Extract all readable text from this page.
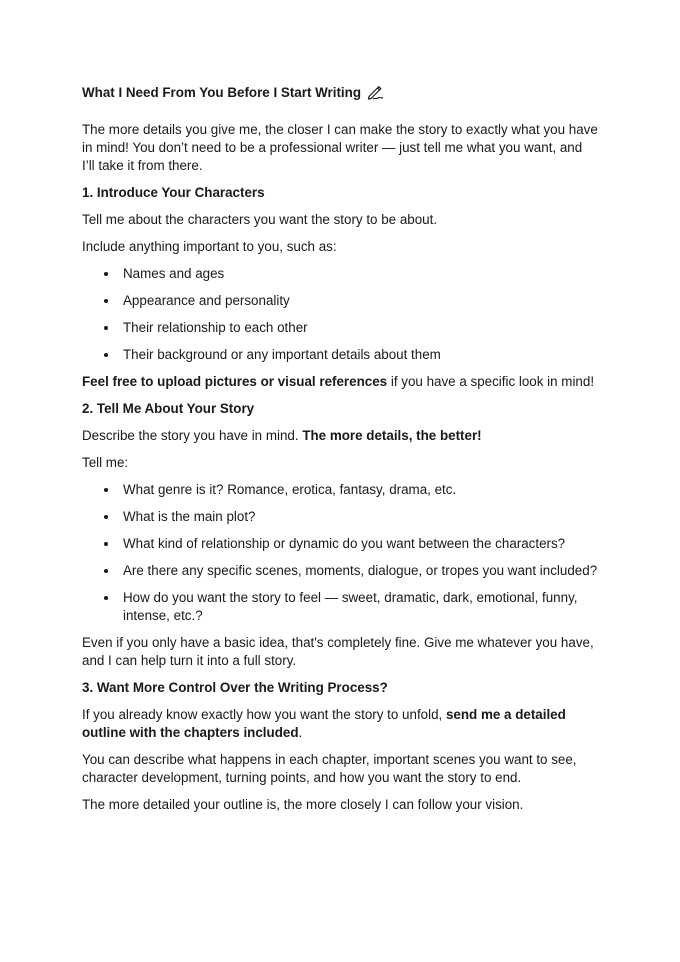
What I Need From You Before I Start Writing

The more details you give me, the closer I can make the story to exactly what you have in mind! You don’t need to be a professional writer — just tell me what you want, and I’ll take it from there.

1. Introduce Your Characters

Tell me about the characters you want the story to be about.

Include anything important to you, such as:

Names and ages
Appearance and personality
Their relationship to each other
Their background or any important details about them

Feel free to upload pictures or visual references if you have a specific look in mind!

2. Tell Me About Your Story

Describe the story you have in mind. The more details, the better!

Tell me:

What genre is it? Romance, erotica, fantasy, drama, etc.
What is the main plot?
What kind of relationship or dynamic do you want between the characters?
Are there any specific scenes, moments, dialogue, or tropes you want included?
How do you want the story to feel — sweet, dramatic, dark, emotional, funny, intense, etc.?

Even if you only have a basic idea, that's completely fine. Give me whatever you have, and I can help turn it into a full story.

3. Want More Control Over the Writing Process?

If you already know exactly how you want the story to unfold, send me a detailed outline with the chapters included.

You can describe what happens in each chapter, important scenes you want to see, character development, turning points, and how you want the story to end.

The more detailed your outline is, the more closely I can follow your vision.
